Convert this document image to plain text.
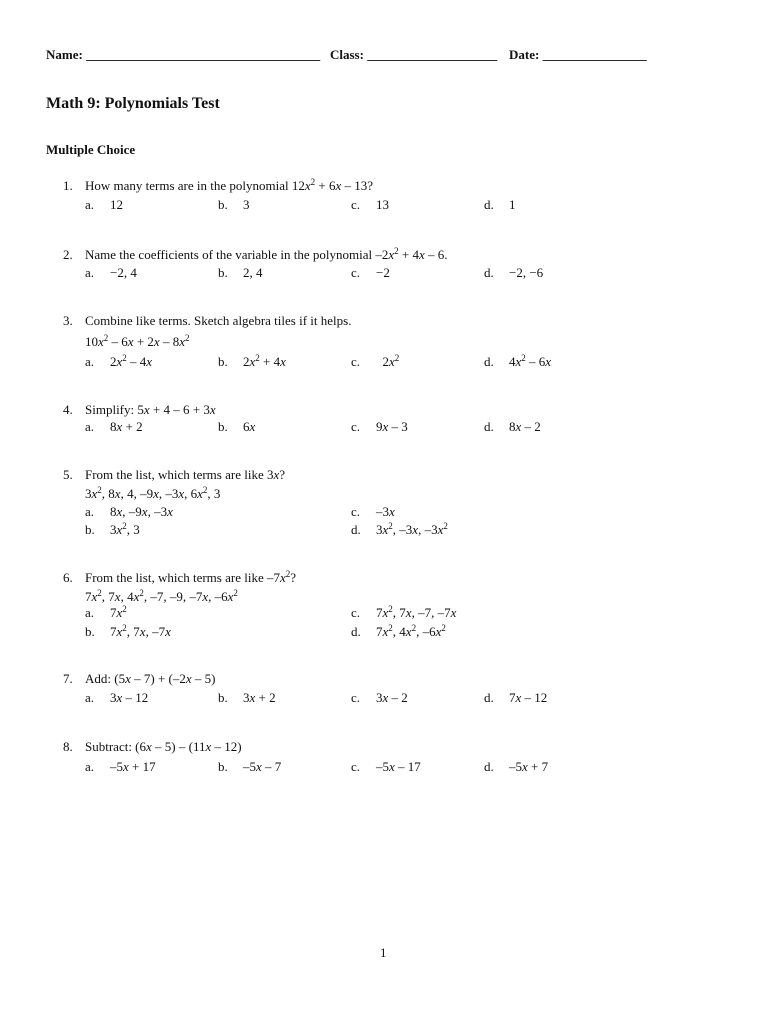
Name: ____________________________________ Class: ____________________ Date: ________________
Math 9: Polynomials Test
Multiple Choice
1. How many terms are in the polynomial $12x^2 + 6x - 13$?
a. 12	b. 3	c. 13	d. 1
2. Name the coefficients of the variable in the polynomial $-2x^2 + 4x - 6$.
a. −2, 4	b. 2, 4	c. −2	d. −2, −6
3. Combine like terms. Sketch algebra tiles if it helps.
$10x^2 - 6x + 2x - 8x^2$
a. $2x^2 - 4x$	b. $2x^2 + 4x$	c.  $2x^2$	d. $4x^2 - 6x$
4. Simplify: 5x + 4 – 6 + 3x
a. 8x + 2	b. 6x	c. 9x – 3	d. 8x – 2
5. From the list, which terms are like 3x?
$3x^2$, 8x, 4, –9x, –3x, $6x^2$, 3
a. 8x, –9x, –3x	c. –3x
b. $3x^2$, 3	d. $3x^2$, –3x, $-3x^2$
6. From the list, which terms are like $-7x^2$?
$7x^2$, 7x, $4x^2$, –7, –9, –7x, $-6x^2$
a. $7x^2$	c. $7x^2$, 7x, –7, –7x
b. $7x^2$, 7x, –7x	d. $7x^2$, $4x^2$, $-6x^2$
7. Add: (5x – 7) + (–2x – 5)
a. 3x – 12	b. 3x + 2	c. 3x – 2	d. 7x – 12
8. Subtract: (6x – 5) – (11x – 12)
a. –5x + 17	b. –5x – 7	c. –5x – 17	d. –5x + 7
1
